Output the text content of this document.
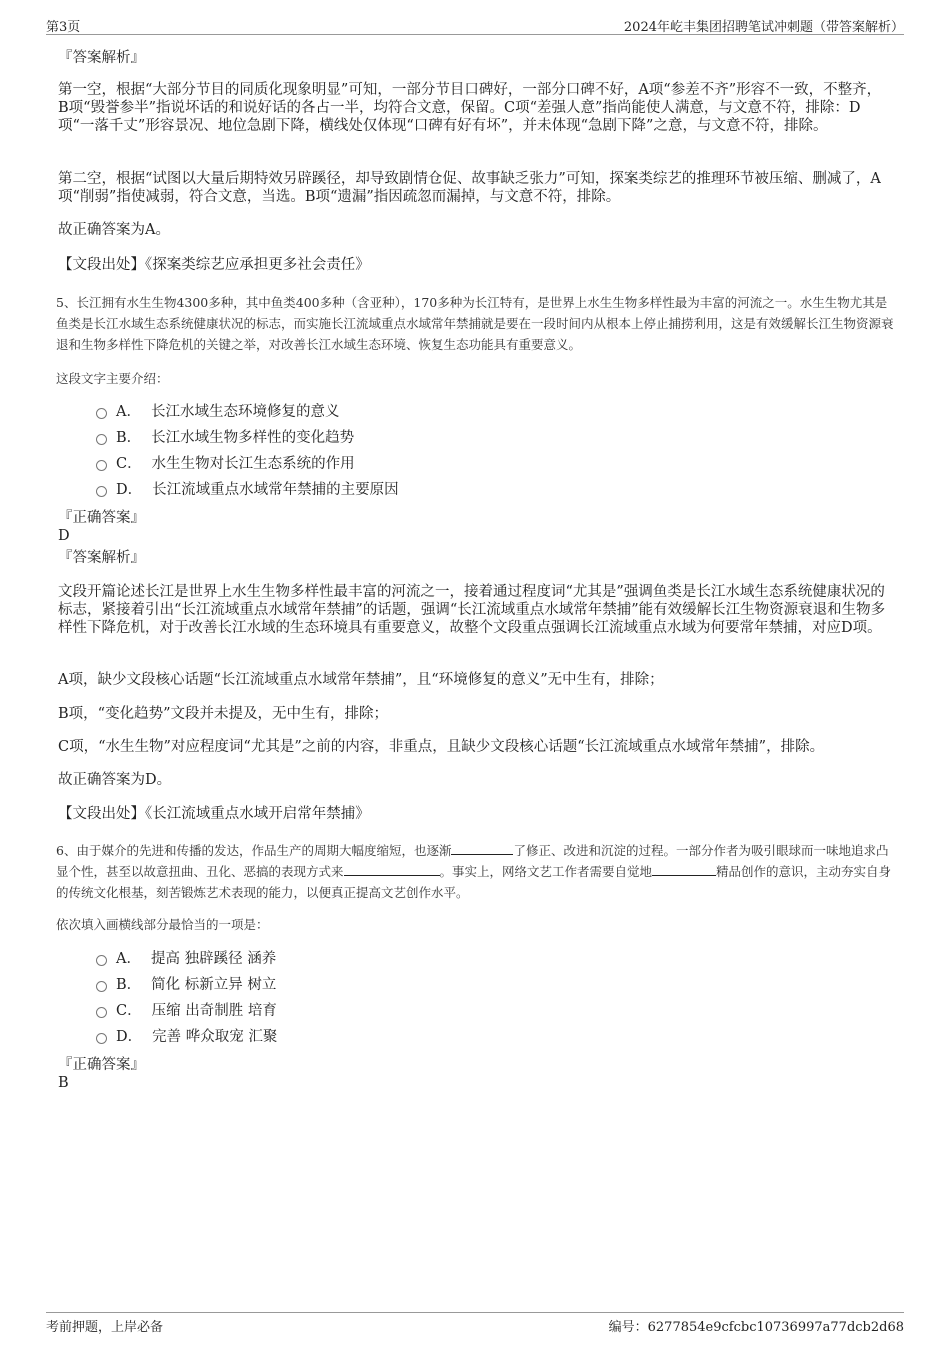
第3页	2024年屹丰集团招聘笔试冲刺题（带答案解析）
『答案解析』

第一空，根据“大部分节目的同质化现象明显”可知，一部分节目口碑好，一部分口碑不好，A项“参差不齐”形容不一致，不整齐，B项“毁誉参半”指说坏话的和说好话的各占一半，均符合文意，保留。C项“差强人意”指尚能使人满意，与文意不符，排除：D项“一落千丈”形容景况、地位急剧下降，横线处仅体现“口碑有好有坏”，并未体现“急剧下降”之意，与文意不符，排除。

第二空，根据“试图以大量后期特效另辟蹊径，却导致剧情仓促、故事缺乏张力”可知，探案类综艺的推理环节被压缩、删减了，A项“削弱”指使减弱，符合文意，当选。B项“遗漏”指因疏忽而漏掉，与文意不符，排除。

故正确答案为A。
【文段出处】《探案类综艺应承担更多社会责任》

5、长江拥有水生生物4300多种，其中鱼类400多种（含亚种），170多种为长江特有，是世界上水生生物多样性最为丰富的河流之一。水生生物尤其是鱼类是长江水域生态系统健康状况的标志，而实施长江流域重点水域常年禁捕就是要在一段时间内从根本上停止捕捞利用，这是有效缓解长江生物资源衰退和生物多样性下降危机的关键之举，对改善长江水域生态环境、恢复生态功能具有重要意义。

这段文字主要介绍：
A． 长江水域生态环境修复的意义
B． 长江水域生物多样性的变化趋势
C． 水生生物对长江生态系统的作用
D． 长江流域重点水域常年禁捕的主要原因
『正确答案』
D
『答案解析』

文段开篇论述长江是世界上水生生物多样性最丰富的河流之一，接着通过程度词“尤其是”强调鱼类是长江水域生态系统健康状况的标志，紧接着引出“长江流域重点水域常年禁捕”的话题，强调“长江流域重点水域常年禁捕”能有效缓解长江生物资源衰退和生物多样性下降危机，对于改善长江水域的生态环境具有重要意义，故整个文段重点强调长江流域重点水域为何要常年禁捕，对应D项。

A项，缺少文段核心话题“长江流域重点水域常年禁捕”，且“环境修复的意义”无中生有，排除；

B项，“变化趋势”文段并未提及，无中生有，排除；

C项，“水生生物”对应程度词“尤其是”之前的内容，非重点，且缺少文段核心话题“长江流域重点水域常年禁捕”，排除。

故正确答案为D。
【文段出处】《长江流域重点水域开启常年禁捕》

6、由于媒介的先进和传播的发达，作品生产的周期大幅度缩短，也逐渐	了修正、改进和沉淀的过程。一部分作者为吸引眼球而一味地追求凸显个性，甚至以故意扭曲、丑化、恶搞的表现方式来	。事实上，网络文艺工作者需要自觉地	精品创作的意识，主动夯实自身的传统文化根基，刻苦锻炼艺术表现的能力，以便真正提高文艺创作水平。

依次填入画横线部分最恰当的一项是：
A． 提高 独辟蹊径 涵养
B． 简化 标新立异 树立
C． 压缩 出奇制胜 培育
D． 完善 哗众取宠 汇聚
『正确答案』
B
考前押题，上岸必备	编号：6277854e9cfcbc10736997a77dcb2d68
